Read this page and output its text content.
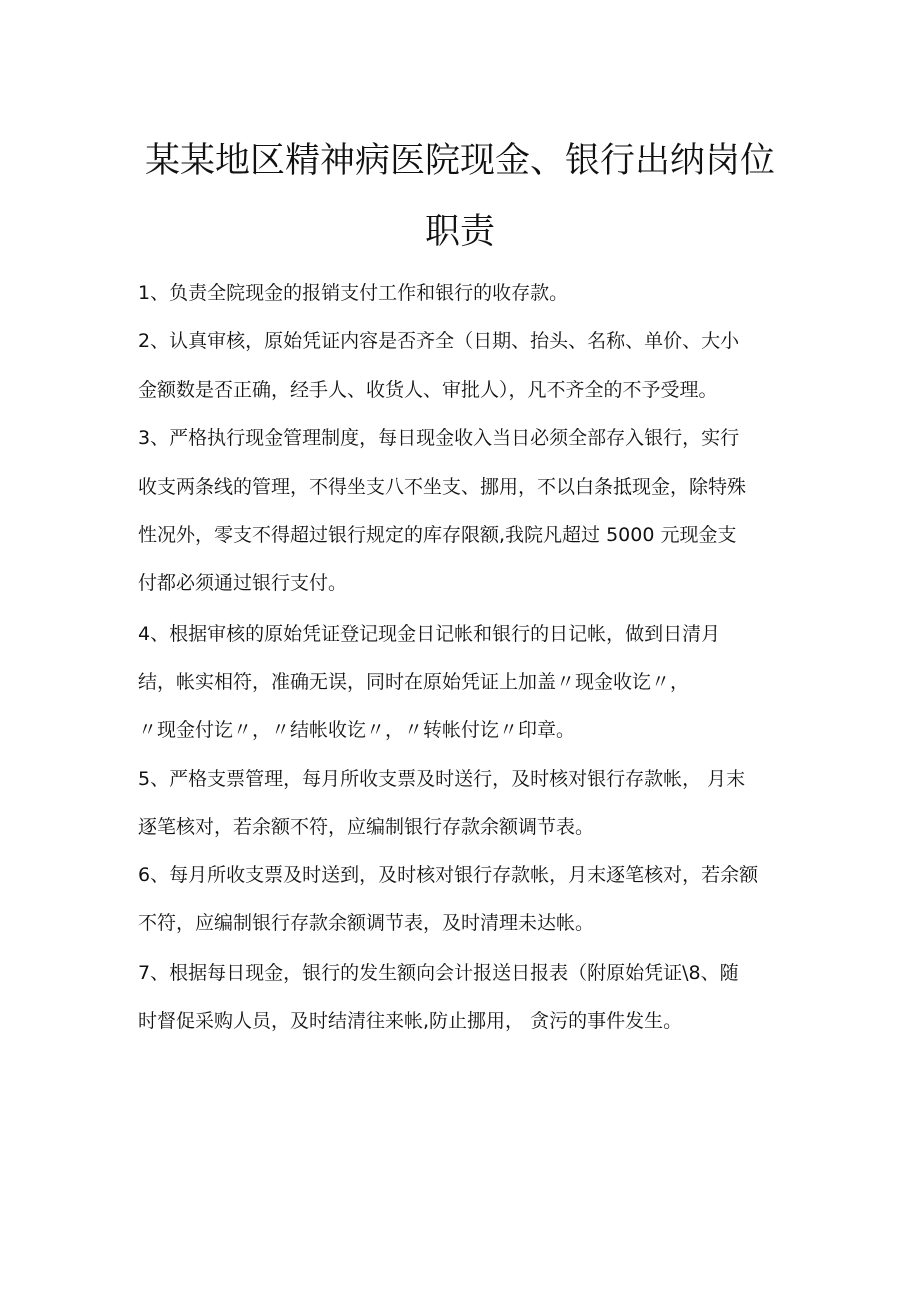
某某地区精神病医院现金、银行出纳岗位
职责
1、负责全院现金的报销支付工作和银行的收存款。
2、认真审核，原始凭证内容是否齐全（日期、抬头、名称、单价、大小
金额数是否正确，经手人、收货人、审批人），凡不齐全的不予受理。
3、严格执行现金管理制度，每日现金收入当日必须全部存入银行，实行
收支两条线的管理，不得坐支八不坐支、挪用，不以白条抵现金，除特殊
性况外，零支不得超过银行规定的库存限额,我院凡超过 5000 元现金支
付都必须通过银行支付。
4、根据审核的原始凭证登记现金日记帐和银行的日记帐，做到日清月
结，帐实相符，准确无误，同时在原始凭证上加盖〃现金收讫〃，
〃现金付讫〃，〃结帐收讫〃，〃转帐付讫〃印章。
5、严格支票管理，每月所收支票及时送行，及时核对银行存款帐， 月末
逐笔核对，若余额不符，应编制银行存款余额调节表。
6、每月所收支票及时送到，及时核对银行存款帐，月末逐笔核对，若余额
不符，应编制银行存款余额调节表，及时清理未达帐。
7、根据每日现金，银行的发生额向会计报送日报表（附原始凭证\8、随
时督促采购人员，及时结清往来帐,防止挪用， 贪污的事件发生。
